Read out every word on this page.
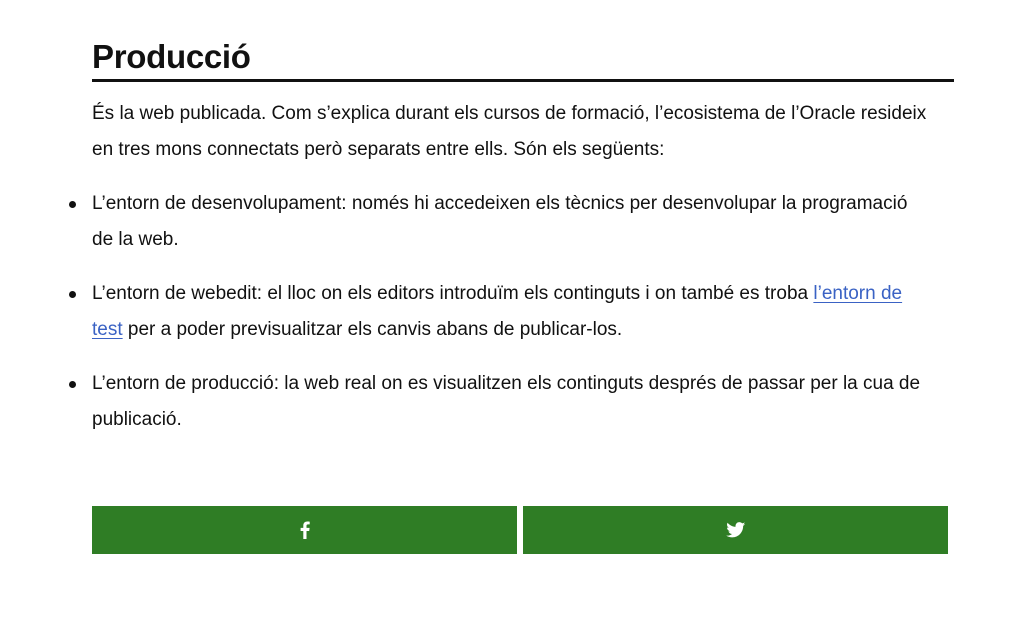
Producció

És la web publicada. Com s’explica durant els cursos de formació, l’ecosistema de l’Oracle resideix en tres mons connectats però separats entre ells. Són els següents:

L’entorn de desenvolupament: només hi accedeixen els tècnics per desenvolupar la programació de la web.
L’entorn de webedit: el lloc on els editors introduïm els continguts i on també es troba l’entorn de test per a poder previsualitzar els canvis abans de publicar-los.
L’entorn de producció: la web real on es visualitzen els continguts després de passar per la cua de publicació.
